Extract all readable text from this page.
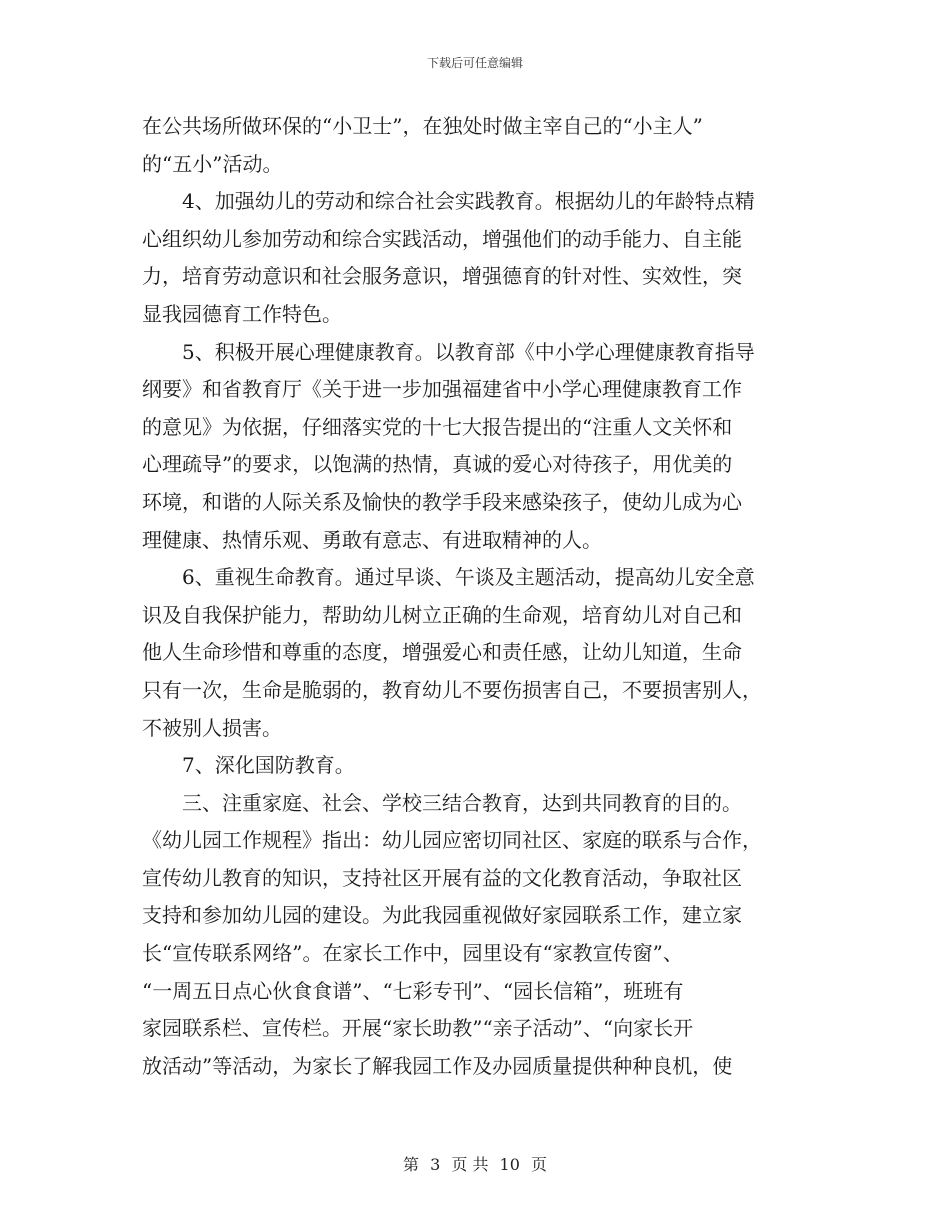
下载后可任意编辑
在公共场所做环保的“小卫士”，在独处时做主宰自己的“小主人”
的“五小”活动。
　　4、加强幼儿的劳动和综合社会实践教育。根据幼儿的年龄特点精
心组织幼儿参加劳动和综合实践活动，增强他们的动手能力、自主能
力，培育劳动意识和社会服务意识，增强德育的针对性、实效性，突
显我园德育工作特色。
　　5、积极开展心理健康教育。以教育部《中小学心理健康教育指导
纲要》和省教育厅《关于进一步加强福建省中小学心理健康教育工作
的意见》为依据，仔细落实党的十七大报告提出的“注重人文关怀和
心理疏导”的要求，以饱满的热情，真诚的爱心对待孩子，用优美的
环境，和谐的人际关系及愉快的教学手段来感染孩子，使幼儿成为心
理健康、热情乐观、勇敢有意志、有进取精神的人。
　　6、重视生命教育。通过早谈、午谈及主题活动，提高幼儿安全意
识及自我保护能力，帮助幼儿树立正确的生命观，培育幼儿对自己和
他人生命珍惜和尊重的态度，增强爱心和责任感，让幼儿知道，生命
只有一次，生命是脆弱的，教育幼儿不要伤损害自己，不要损害别人，
不被别人损害。
　　7、深化国防教育。
　　三、注重家庭、社会、学校三结合教育，达到共同教育的目的。
《幼儿园工作规程》指出：幼儿园应密切同社区、家庭的联系与合作，
宣传幼儿教育的知识，支持社区开展有益的文化教育活动，争取社区
支持和参加幼儿园的建设。为此我园重视做好家园联系工作，建立家
长“宣传联系网络”。在家长工作中，园里设有“家教宣传窗”、
“一周五日点心伙食食谱”、“七彩专刊”、“园长信箱”，班班有
家园联系栏、宣传栏。开展“家长助教”“亲子活动”、“向家长开
放活动”等活动，为家长了解我园工作及办园质量提供种种良机，使
第 3 页 共 10 页
